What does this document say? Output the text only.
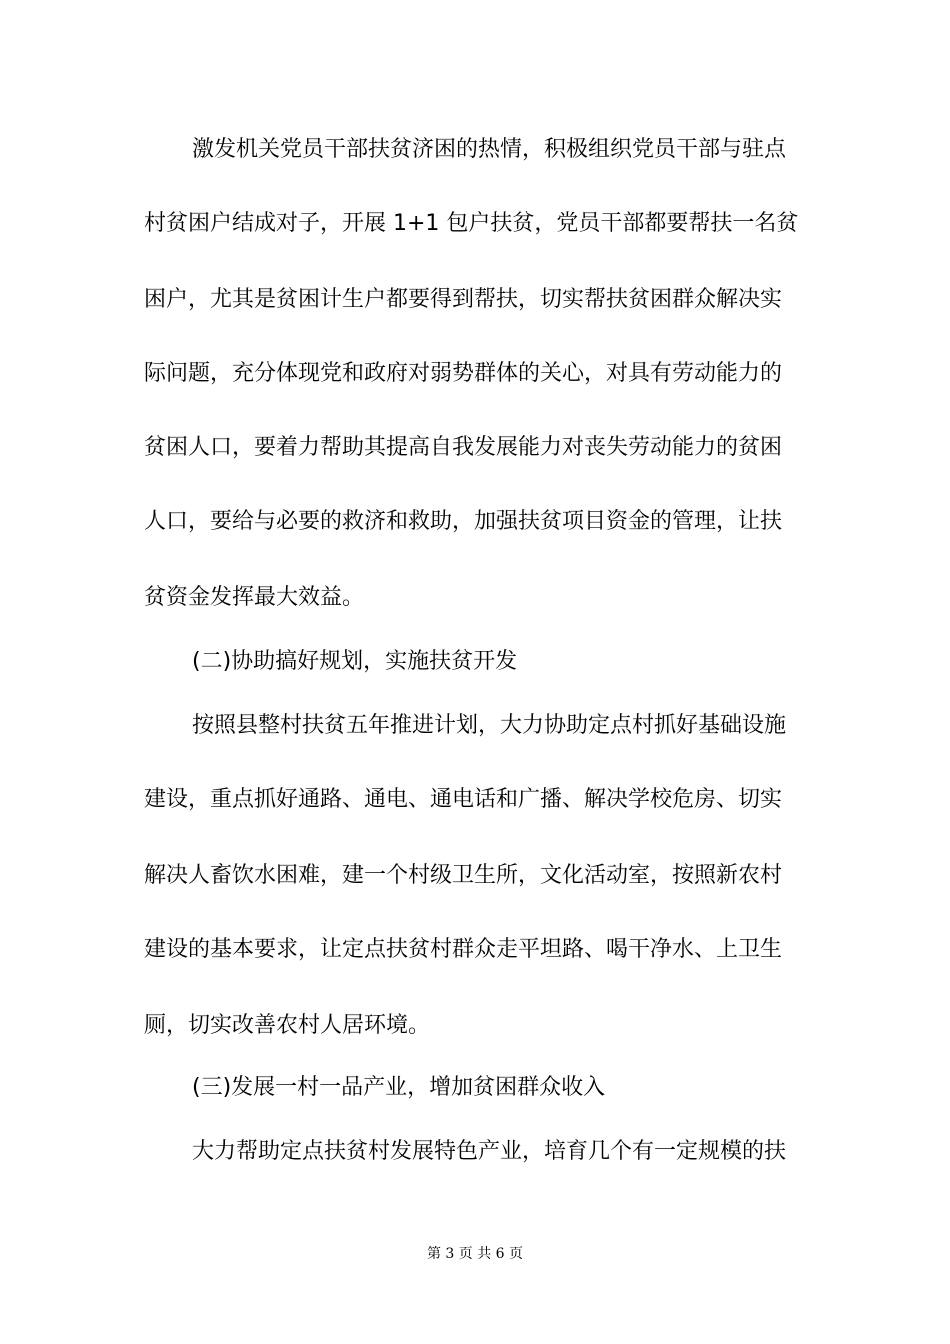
激发机关党员干部扶贫济困的热情，积极组织党员干部与驻点
村贫困户结成对子，开展 1+1 包户扶贫，党员干部都要帮扶一名贫
困户，尤其是贫困计生户都要得到帮扶，切实帮扶贫困群众解决实
际问题，充分体现党和政府对弱势群体的关心，对具有劳动能力的
贫困人口，要着力帮助其提高自我发展能力对丧失劳动能力的贫困
人口，要给与必要的救济和救助，加强扶贫项目资金的管理，让扶
贫资金发挥最大效益。
(二)协助搞好规划，实施扶贫开发
按照县整村扶贫五年推进计划，大力协助定点村抓好基础设施
建设，重点抓好通路、通电、通电话和广播、解决学校危房、切实
解决人畜饮水困难，建一个村级卫生所，文化活动室，按照新农村
建设的基本要求，让定点扶贫村群众走平坦路、喝干净水、上卫生
厕，切实改善农村人居环境。
(三)发展一村一品产业，增加贫困群众收入
大力帮助定点扶贫村发展特色产业，培育几个有一定规模的扶
第 3 页 共 6 页
